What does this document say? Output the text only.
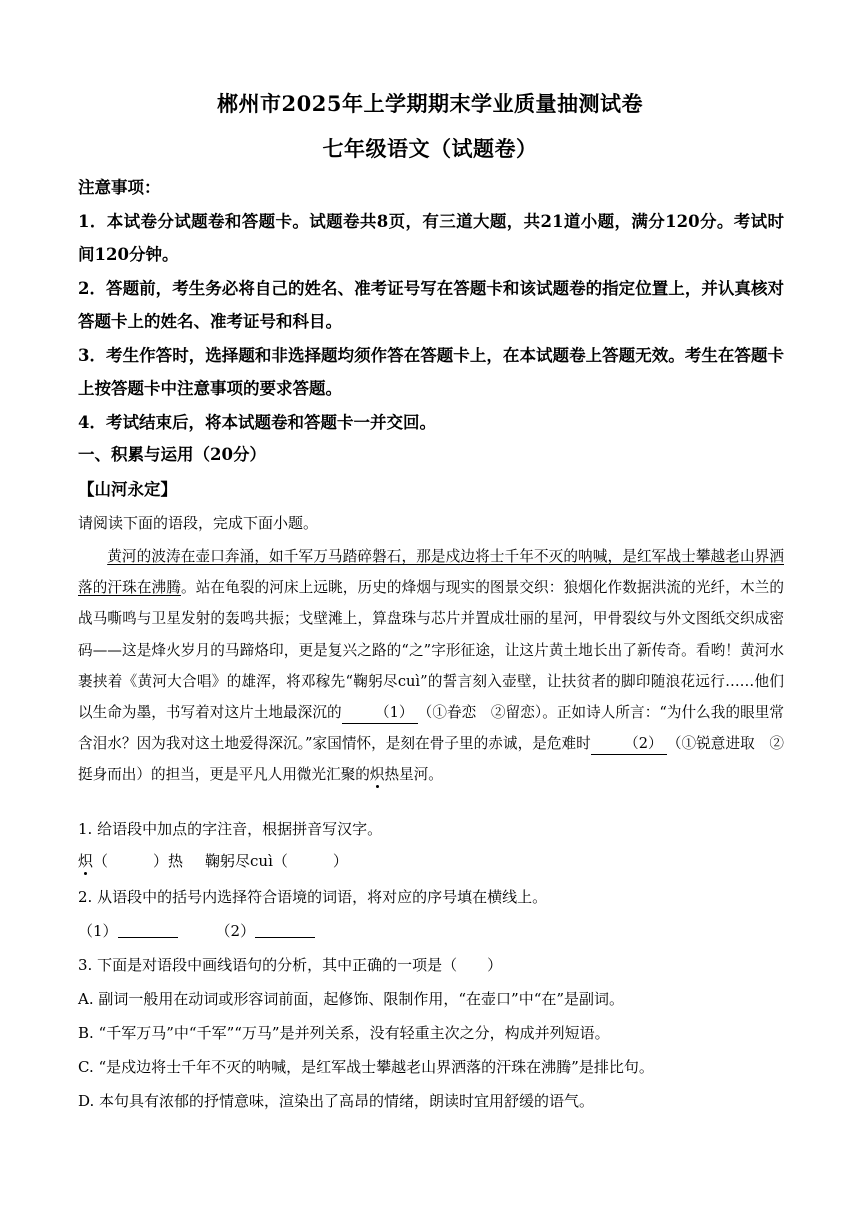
郴州市2025年上学期期末学业质量抽测试卷
七年级语文（试题卷）
注意事项：
1．本试卷分试题卷和答题卡。试题卷共8页，有三道大题，共21道小题，满分120分。考试时间120分钟。
2．答题前，考生务必将自己的姓名、准考证号写在答题卡和该试题卷的指定位置上，并认真核对答题卡上的姓名、准考证号和科目。
3．考生作答时，选择题和非选择题均须作答在答题卡上，在本试题卷上答题无效。考生在答题卡上按答题卡中注意事项的要求答题。
4．考试结束后，将本试题卷和答题卡一并交回。
一、积累与运用（20分）
【山河永定】
请阅读下面的语段，完成下面小题。
黄河的波涛在壶口奔涌，如千军万马踏碎磐石，那是戍边将士千年不灭的呐喊，是红军战士攀越老山界洒落的汗珠在沸腾。站在龟裂的河床上远眺，历史的烽烟与现实的图景交织：狼烟化作数据洪流的光纤，木兰的战马嘶鸣与卫星发射的轰鸣共振；戈壁滩上，算盘珠与芯片并置成壮丽的星河，甲骨裂纹与外文图纸交织成密码——这是烽火岁月的马蹄烙印，更是复兴之路的“之”字形征途，让这片黄土地长出了新传奇。看哟！黄河水裹挟着《黄河大合唱》的雄浑，将邓稼先“鞠躬尽cuì”的誓言刻入壶壁，让扶贫者的脚印随浪花远行……他们以生命为墨，书写着对这片土地最深沉的 （1） （①眷恋　②留恋）。正如诗人所言：“为什么我的眼里常含泪水？因为我对这土地爱得深沉。”家国情怀，是刻在骨子里的赤诚，是危难时 （2） （①锐意进取　②挺身而出）的担当，更是平凡人用微光汇聚的炽热星河。
1. 给语段中加点的字注音，根据拼音写汉字。
炽（　　　）热 鞠躬尽cuì（　　　）
2. 从语段中的括号内选择符合语境的词语，将对应的序号填在横线上。
（1）	（2）
3. 下面是对语段中画线语句的分析，其中正确的一项是（　　）
A. 副词一般用在动词或形容词前面，起修饰、限制作用，“在壶口”中“在”是副词。
B. “千军万马”中“千军”“万马”是并列关系，没有轻重主次之分，构成并列短语。
C. “是戍边将士千年不灭的呐喊，是红军战士攀越老山界洒落的汗珠在沸腾”是排比句。
D. 本句具有浓郁的抒情意味，渲染出了高昂的情绪，朗读时宜用舒缓的语气。
